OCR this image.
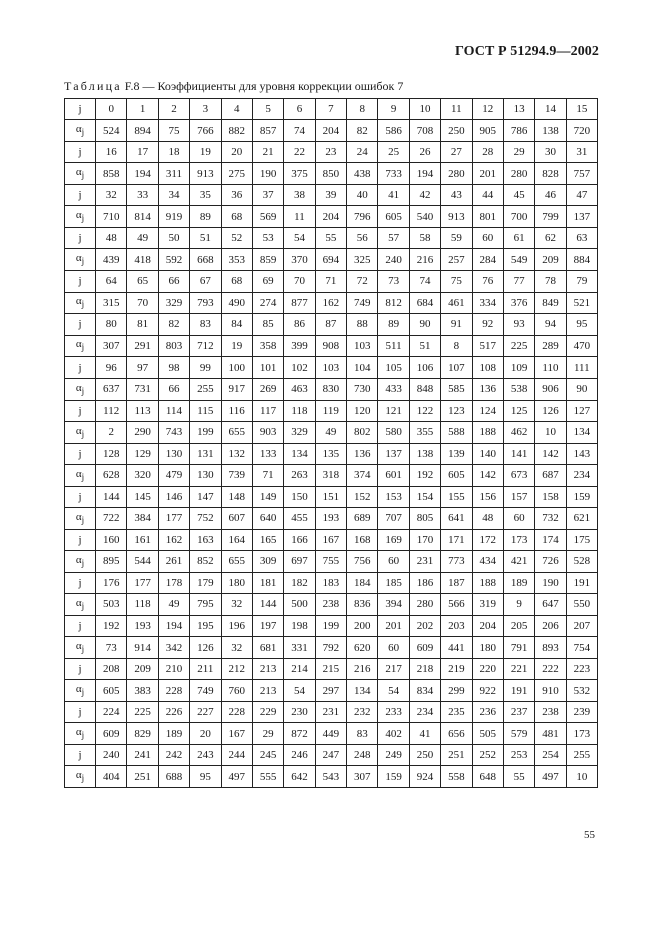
ГОСТ Р 51294.9—2002
Таблица F.8 — Коэффициенты для уровня коррекции ошибок 7
j	0	1	2	3	4	5	6	7	8	9	10	11	12	13	14	15
$\alpha_j$	524	894	75	766	882	857	74	204	82	586	708	250	905	786	138	720
j	16	17	18	19	20	21	22	23	24	25	26	27	28	29	30	31
$\alpha_j$	858	194	311	913	275	190	375	850	438	733	194	280	201	280	828	757
j	32	33	34	35	36	37	38	39	40	41	42	43	44	45	46	47
$\alpha_j$	710	814	919	89	68	569	11	204	796	605	540	913	801	700	799	137
j	48	49	50	51	52	53	54	55	56	57	58	59	60	61	62	63
$\alpha_j$	439	418	592	668	353	859	370	694	325	240	216	257	284	549	209	884
j	64	65	66	67	68	69	70	71	72	73	74	75	76	77	78	79
$\alpha_j$	315	70	329	793	490	274	877	162	749	812	684	461	334	376	849	521
j	80	81	82	83	84	85	86	87	88	89	90	91	92	93	94	95
$\alpha_j$	307	291	803	712	19	358	399	908	103	511	51	8	517	225	289	470
j	96	97	98	99	100	101	102	103	104	105	106	107	108	109	110	111
$\alpha_j$	637	731	66	255	917	269	463	830	730	433	848	585	136	538	906	90
j	112	113	114	115	116	117	118	119	120	121	122	123	124	125	126	127
$\alpha_j$	2	290	743	199	655	903	329	49	802	580	355	588	188	462	10	134
j	128	129	130	131	132	133	134	135	136	137	138	139	140	141	142	143
$\alpha_j$	628	320	479	130	739	71	263	318	374	601	192	605	142	673	687	234
j	144	145	146	147	148	149	150	151	152	153	154	155	156	157	158	159
$\alpha_j$	722	384	177	752	607	640	455	193	689	707	805	641	48	60	732	621
j	160	161	162	163	164	165	166	167	168	169	170	171	172	173	174	175
$\alpha_j$	895	544	261	852	655	309	697	755	756	60	231	773	434	421	726	528
j	176	177	178	179	180	181	182	183	184	185	186	187	188	189	190	191
$\alpha_j$	503	118	49	795	32	144	500	238	836	394	280	566	319	9	647	550
j	192	193	194	195	196	197	198	199	200	201	202	203	204	205	206	207
$\alpha_j$	73	914	342	126	32	681	331	792	620	60	609	441	180	791	893	754
j	208	209	210	211	212	213	214	215	216	217	218	219	220	221	222	223
$\alpha_j$	605	383	228	749	760	213	54	297	134	54	834	299	922	191	910	532
j	224	225	226	227	228	229	230	231	232	233	234	235	236	237	238	239
$\alpha_j$	609	829	189	20	167	29	872	449	83	402	41	656	505	579	481	173
j	240	241	242	243	244	245	246	247	248	249	250	251	252	253	254	255
$\alpha_j$	404	251	688	95	497	555	642	543	307	159	924	558	648	55	497	10
55
